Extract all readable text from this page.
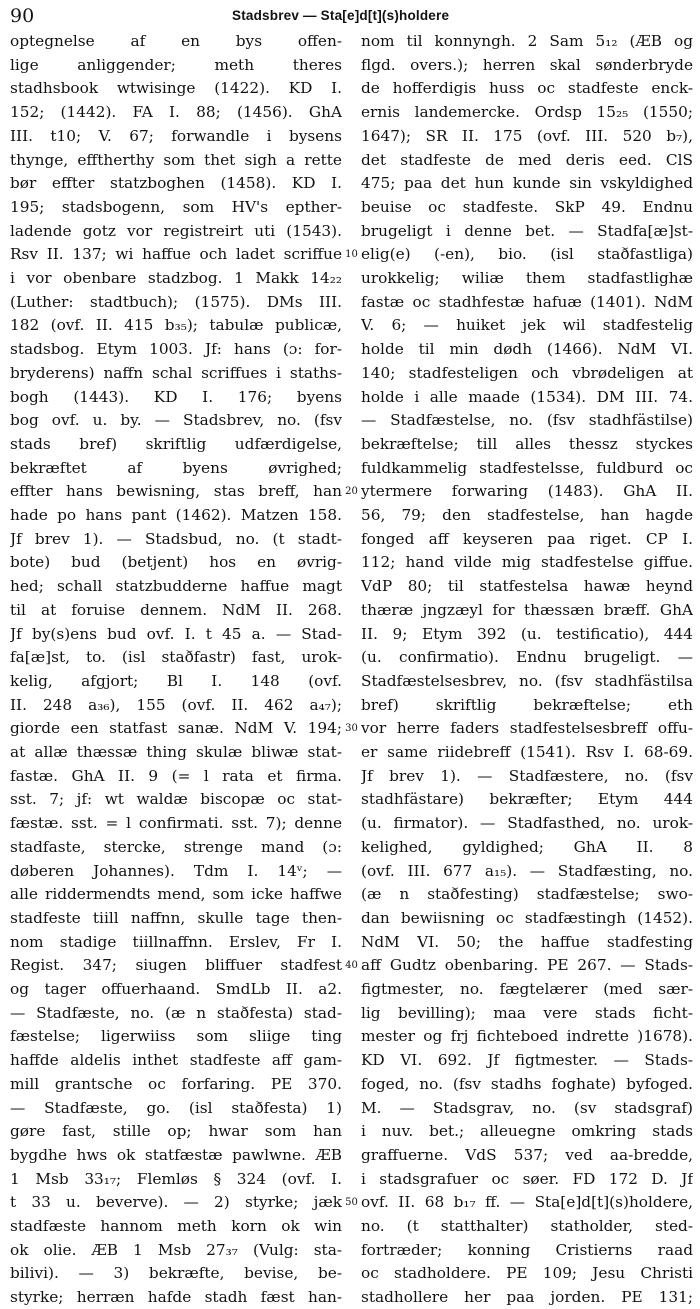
90	Stadsbrev — Sta[e]d[t](s)holdere
optegnelse af en bys offen-
lige anliggender; meth theres
stadhsbook wtwisinge (1422). KD I.
152; (1442). FA I. 88; (1456). GhA
III. t10; V. 67; forwandle i bysens
thynge, efftherthy som thet sigh a rette
bør effter statzboghen (1458). KD I.
195; stadsbogenn, som HV's epther-
ladende gotz vor registreirt uti (1543).
Rsv II. 137; wi haffue och ladet scriffue
i vor obenbare stadzbog. 1 Makk 14₂₂
(Luther: stadtbuch); (1575). DMs III.
182 (ovf. II. 415 b₃₅); tabulæ publicæ,
stadsbog. Etym 1003. Jf: hans (ɔ: for-
bryderens) naffn schal scriffues i staths-
bogh (1443). KD I. 176; byens
bog ovf. u. by. — Stadsbrev, no. (fsv
stads bref) skriftlig udfærdigelse,
bekræftet af byens øvrighed;
effter hans bewisning, stas breff, han
hade po hans pant (1462). Matzen 158.
Jf brev 1). — Stadsbud, no. (t stadt-
bote) bud (betjent) hos en øvrig-
hed; schall statzbudderne haffue magt
til at foruise dennem. NdM II. 268.
Jf by(s)ens bud ovf. I. t 45 a. — Stad-
fa[æ]st, to. (isl staðfastr) fast, urok-
kelig, afgjort; Bl I. 148 (ovf.
II. 248 a₃₆), 155 (ovf. II. 462 a₄₇);
giorde een statfast sanæ. NdM V. 194;
at allæ thæssæ thing skulæ bliwæ stat-
fastæ. GhA II. 9 (= l rata et firma.
sst. 7; jf: wt waldæ biscopæ oc stat-
fæstæ. sst. = l confirmati. sst. 7); denne
stadfaste, stercke, strenge mand (ɔ:
døberen Johannes). Tdm I. 14ᵛ; —
alle riddermendts mend, som icke haffwe
stadfeste tiill naffnn, skulle tage then-
nom stadige tiillnaffnn. Erslev, Fr I.
Regist. 347; siugen bliffuer stadfest
og tager offuerhaand. SmdLb II. a2.
— Stadfæste, no. (æ n staðfesta) stad-
fæstelse; ligerwiiss som sliige ting
haffde aldelis inthet stadfeste aff gam-
mill grantsche oc forfaring. PE 370.
— Stadfæste, go. (isl staðfesta) 1)
gøre fast, stille op; hwar som han
bygdhe hws ok statfæstæ pawlwne. ÆB
1 Msb 33₁₇; Flemløs § 324 (ovf. I.
t 33 u. beverve). — 2) styrke; jæk
stadfæste hannom meth korn ok win
ok olie. ÆB 1 Msb 27₃₇ (Vulg: sta-
bilivi). — 3) bekræfte, bevise, be-
styrke; herræn hafde stadh fæst han-
10
20
30
40
50
nom til konnyngh. 2 Sam 5₁₂ (ÆB og
flgd. overs.); herren skal sønderbryde
de hofferdigis huss oc stadfeste enck-
ernis landemercke. Ordsp 15₂₅ (1550;
1647); SR II. 175 (ovf. III. 520 b₇),
det stadfeste de med deris eed. ClS
475; paa det hun kunde sin vskyldighed
beuise oc stadfeste. SkP 49. Endnu
brugeligt i denne bet. — Stadfa[æ]st-
elig(e) (-en), bio. (isl staðfastliga)
urokkelig; wiliæ them stadfastlighæ
fastæ oc stadhfestæ hafuæ (1401). NdM
V. 6; — huiket jek wil stadfestelig
holde til min dødh (1466). NdM VI.
140; stadfesteligen och vbrødeligen at
holde i alle maade (1534). DM III. 74.
— Stadfæstelse, no. (fsv stadhfästilse)
bekræftelse; till alles thessz styckes
fuldkammelig stadfestelsse, fuldburd oc
ytermere forwaring (1483). GhA II.
56, 79; den stadfestelse, han hagde
fonged aff keyseren paa riget. CP I.
112; hand vilde mig stadfestelse giffue.
VdP 80; til statfestelsa hawæ heynd
thæræ jngzæyl for thæssæn bræff. GhA
II. 9; Etym 392 (u. testificatio), 444
(u. confirmatio). Endnu brugeligt. —
Stadfæstelsesbrev, no. (fsv stadhfästilsa
bref) skriftlig bekræftelse; eth
vor herre faders stadfestelsesbreff offu-
er same riidebreff (1541). Rsv I. 68-69.
Jf brev 1). — Stadfæstere, no. (fsv
stadhfästare) bekræfter; Etym 444
(u. firmator). — Stadfasthed, no. urok-
kelighed, gyldighed; GhA II. 8
(ovf. III. 677 a₁₅). — Stadfæsting, no.
(æ n staðfesting) stadfæstelse; swo-
dan bewiisning oc stadfæstingh (1452).
NdM VI. 50; the haffue stadfesting
aff Gudtz obenbaring. PE 267. — Stads-
figtmester, no. fægtelærer (med sær-
lig bevilling); maa vere stads ficht-
mester og frj fichteboed indrette )1678).
KD VI. 692. Jf figtmester. — Stads-
foged, no. (fsv stadhs foghate) byfoged.
M. — Stadsgrav, no. (sv stadsgraf)
i nuv. bet.; alleuegne omkring stads
graffuerne. VdS 537; ved aa-bredde,
i stadsgrafuer oc søer. FD 172 D. Jf
ovf. II. 68 b₁₇ ff. — Sta[e]d[t](s)holdere,
no. (t statthalter) statholder, sted-
fortræder; konning Cristierns raad
oc stadholdere. PE 109; Jesu Christi
stadhollere her paa jorden. PE 131;
